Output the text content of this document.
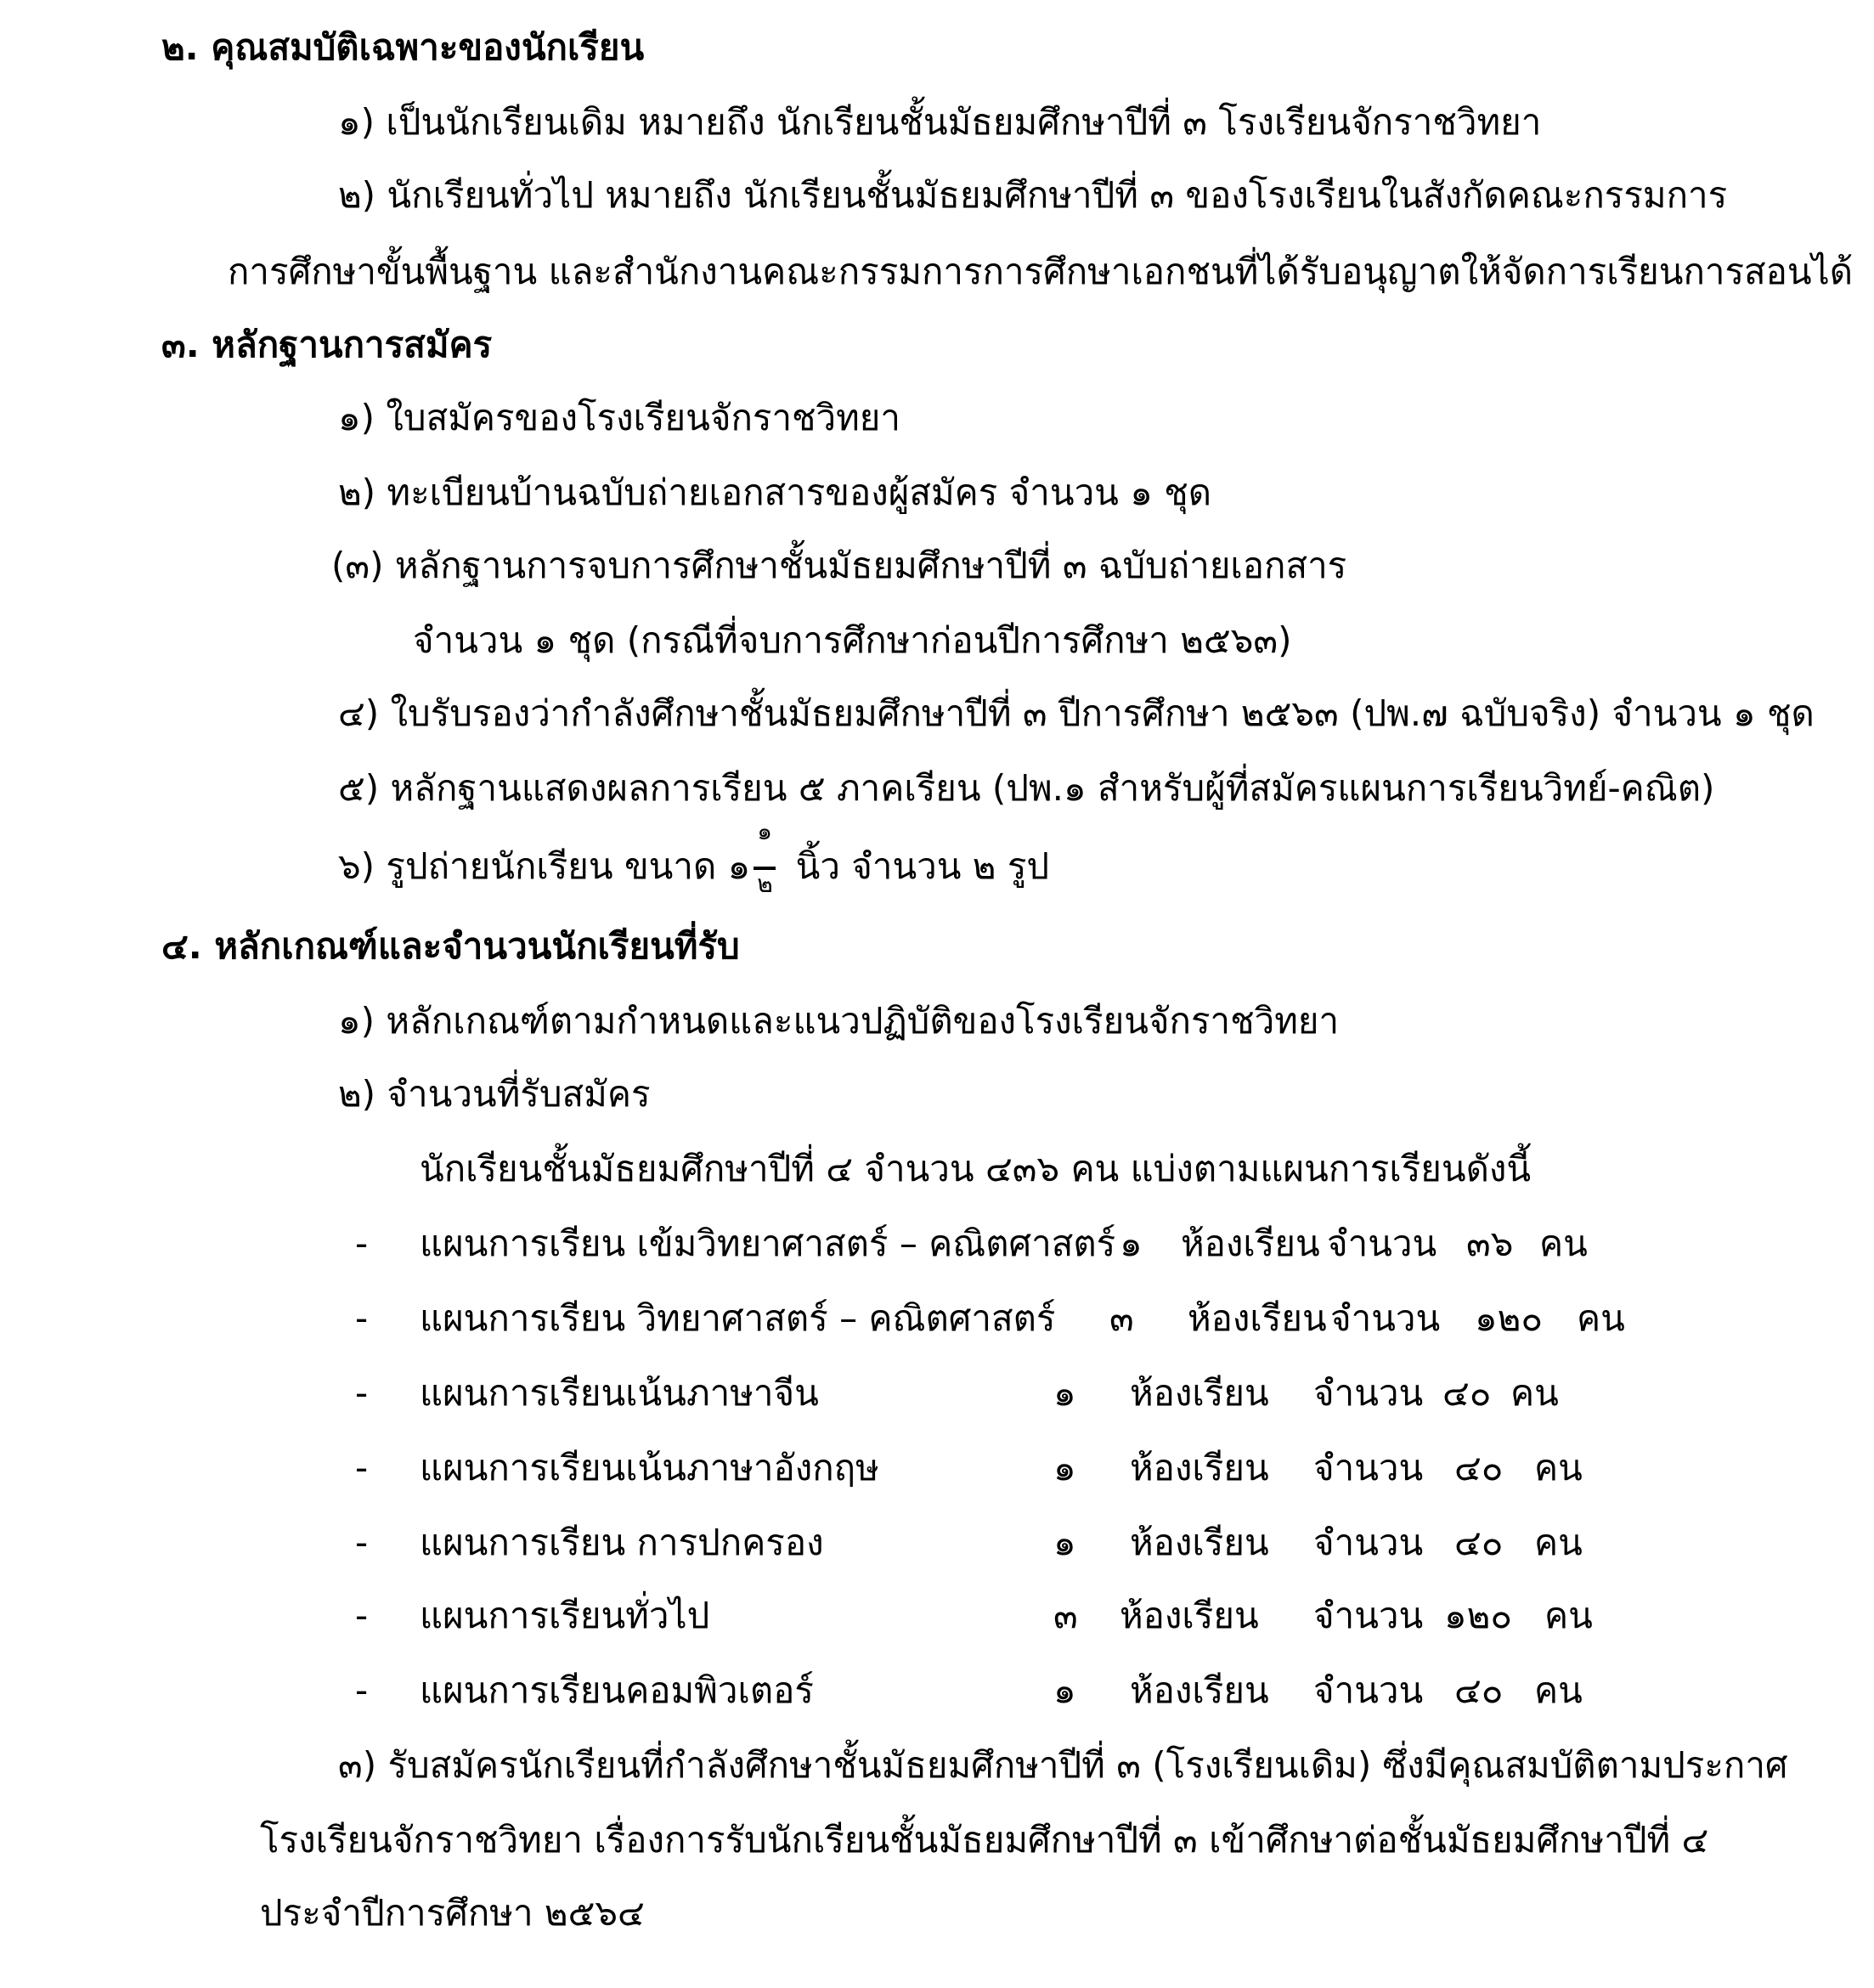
๒. คุณสมบัติเฉพาะของนักเรียน
๑) เป็นนักเรียนเดิม หมายถึง นักเรียนชั้นมัธยมศึกษาปีที่ ๓ โรงเรียนจักราชวิทยา
๒) นักเรียนทั่วไป หมายถึง นักเรียนชั้นมัธยมศึกษาปีที่ ๓ ของโรงเรียนในสังกัดคณะกรรมการ
การศึกษาขั้นพื้นฐาน และสำนักงานคณะกรรมการการศึกษาเอกชนที่ได้รับอนุญาตให้จัดการเรียนการสอนได้
๓. หลักฐานการสมัคร
๑) ใบสมัครของโรงเรียนจักราชวิทยา
๒) ทะเบียนบ้านฉบับถ่ายเอกสารของผู้สมัคร จำนวน ๑ ชุด
(๓) หลักฐานการจบการศึกษาชั้นมัธยมศึกษาปีที่ ๓ ฉบับถ่ายเอกสาร
จำนวน ๑ ชุด (กรณีที่จบการศึกษาก่อนปีการศึกษา ๒๕๖๓)
๔) ใบรับรองว่ากำลังศึกษาชั้นมัธยมศึกษาปีที่ ๓ ปีการศึกษา ๒๕๖๓ (ปพ.๗ ฉบับจริง) จำนวน ๑ ชุด
๕) หลักฐานแสดงผลการเรียน ๕ ภาคเรียน (ปพ.๑ สำหรับผู้ที่สมัครแผนการเรียนวิทย์-คณิต)
๖) รูปถ่ายนักเรียน ขนาด ๑ $\frac{๑}{๒}$ นิ้ว จำนวน ๒ รูป
๔. หลักเกณฑ์และจำนวนนักเรียนที่รับ
๑) หลักเกณฑ์ตามกำหนดและแนวปฏิบัติของโรงเรียนจักราชวิทยา
๒) จำนวนที่รับสมัคร
นักเรียนชั้นมัธยมศึกษาปีที่ ๔ จำนวน ๔๓๖ คน แบ่งตามแผนการเรียนดังนี้
- แผนการเรียน เข้มวิทยาศาสตร์ – คณิตศาสตร์ ๑ ห้องเรียน จำนวน ๓๖ คน
- แผนการเรียน วิทยาศาสตร์ – คณิตศาสตร์ ๓ ห้องเรียน จำนวน ๑๒๐ คน
- แผนการเรียนเน้นภาษาจีน	๑ ห้องเรียน จำนวน ๔๐ คน
- แผนการเรียนเน้นภาษาอังกฤษ	๑ ห้องเรียน จำนวน ๔๐ คน
- แผนการเรียน การปกครอง	๑ ห้องเรียน จำนวน ๔๐ คน
- แผนการเรียนทั่วไป	๓ ห้องเรียน จำนวน ๑๒๐ คน
- แผนการเรียนคอมพิวเตอร์	๑ ห้องเรียน จำนวน ๔๐ คน
๓) รับสมัครนักเรียนที่กำลังศึกษาชั้นมัธยมศึกษาปีที่ ๓ (โรงเรียนเดิม) ซึ่งมีคุณสมบัติตามประกาศ
โรงเรียนจักราชวิทยา เรื่องการรับนักเรียนชั้นมัธยมศึกษาปีที่ ๓ เข้าศึกษาต่อชั้นมัธยมศึกษาปีที่ ๔
ประจำปีการศึกษา ๒๕๖๔
